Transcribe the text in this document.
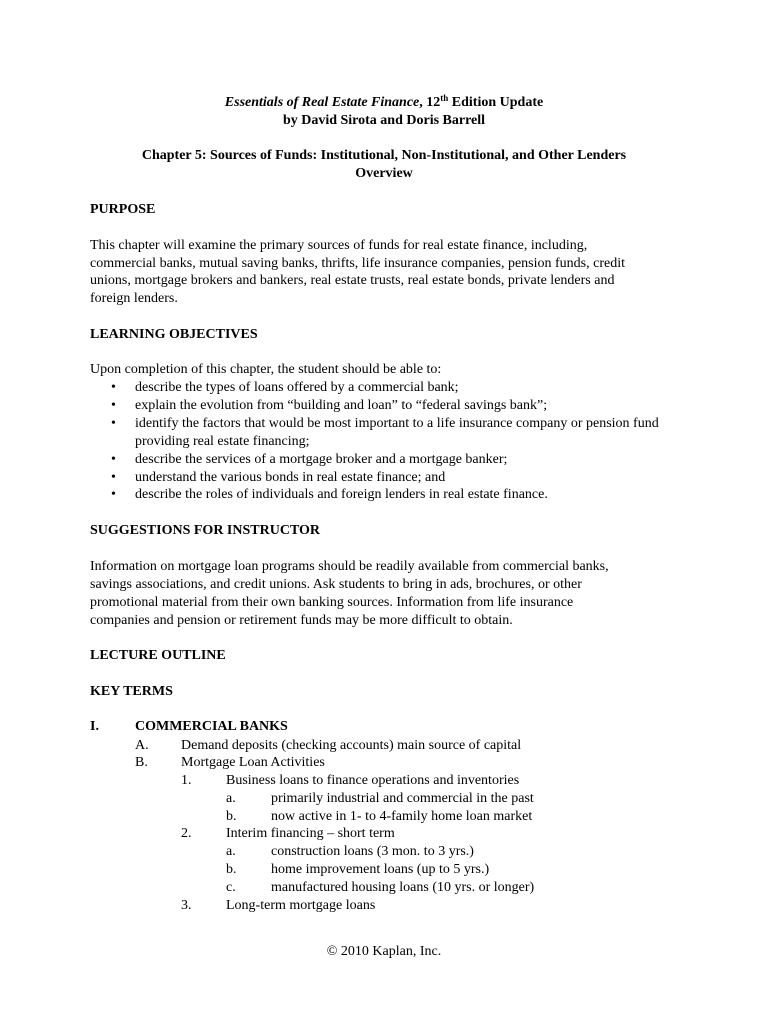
Essentials of Real Estate Finance, 12th Edition Update
by David Sirota and Doris Barrell
Chapter 5: Sources of Funds: Institutional, Non-Institutional, and Other Lenders
Overview
PURPOSE
This chapter will examine the primary sources of funds for real estate finance, including,
commercial banks, mutual saving banks, thrifts, life insurance companies, pension funds, credit
unions, mortgage brokers and bankers, real estate trusts, real estate bonds, private lenders and
foreign lenders.
LEARNING OBJECTIVES
Upon completion of this chapter, the student should be able to:
• describe the types of loans offered by a commercial bank;
• explain the evolution from “building and loan” to “federal savings bank”;
• identify the factors that would be most important to a life insurance company or pension fund providing real estate financing;
• describe the services of a mortgage broker and a mortgage banker;
• understand the various bonds in real estate finance; and
• describe the roles of individuals and foreign lenders in real estate finance.
SUGGESTIONS FOR INSTRUCTOR
Information on mortgage loan programs should be readily available from commercial banks,
savings associations, and credit unions. Ask students to bring in ads, brochures, or other
promotional material from their own banking sources. Information from life insurance
companies and pension or retirement funds may be more difficult to obtain.
LECTURE OUTLINE
KEY TERMS
I.	COMMERCIAL BANKS
A. Demand deposits (checking accounts) main source of capital
B. Mortgage Loan Activities
1. Business loans to finance operations and inventories
a.	primarily industrial and commercial in the past
b. now active in 1- to 4-family home loan market
2. Interim financing – short term
a.	construction loans (3 mon. to 3 yrs.)
b. home improvement loans (up to 5 yrs.)
c.	manufactured housing loans (10 yrs. or longer)
3. Long-term mortgage loans
© 2010 Kaplan, Inc.
